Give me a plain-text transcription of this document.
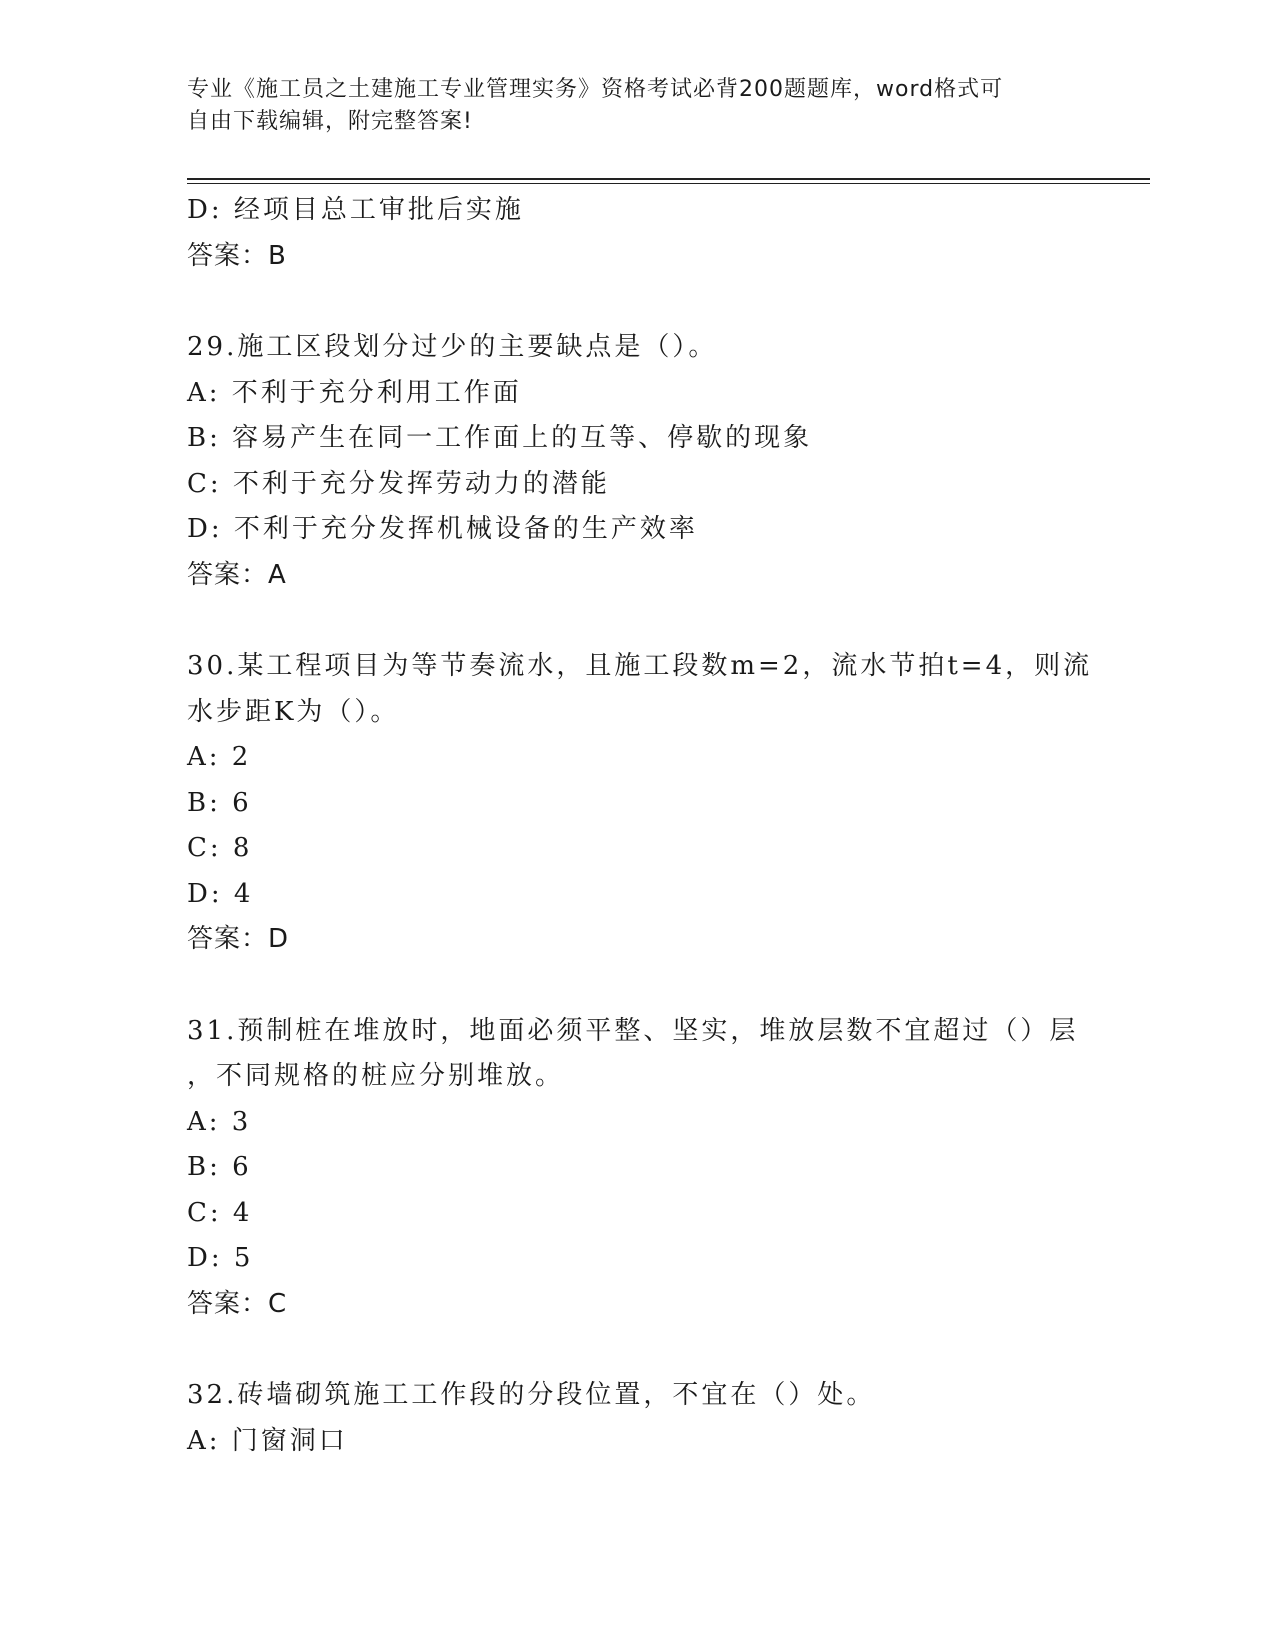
专业《施工员之土建施工专业管理实务》资格考试必背200题题库，word格式可
自由下载编辑，附完整答案!
D: 经项目总工审批后实施
答案：B
29.施工区段划分过少的主要缺点是（）。
A: 不利于充分利用工作面
B: 容易产生在同一工作面上的互等、停歇的现象
C: 不利于充分发挥劳动力的潜能
D: 不利于充分发挥机械设备的生产效率
答案：A
30.某工程项目为等节奏流水，且施工段数m=2，流水节拍t=4，则流
水步距K为（）。
A: 2
B: 6
C: 8
D: 4
答案：D
31.预制桩在堆放时，地面必须平整、坚实，堆放层数不宜超过（）层
，不同规格的桩应分别堆放。
A: 3
B: 6
C: 4
D: 5
答案：C
32.砖墙砌筑施工工作段的分段位置，不宜在（）处。
A: 门窗洞口
